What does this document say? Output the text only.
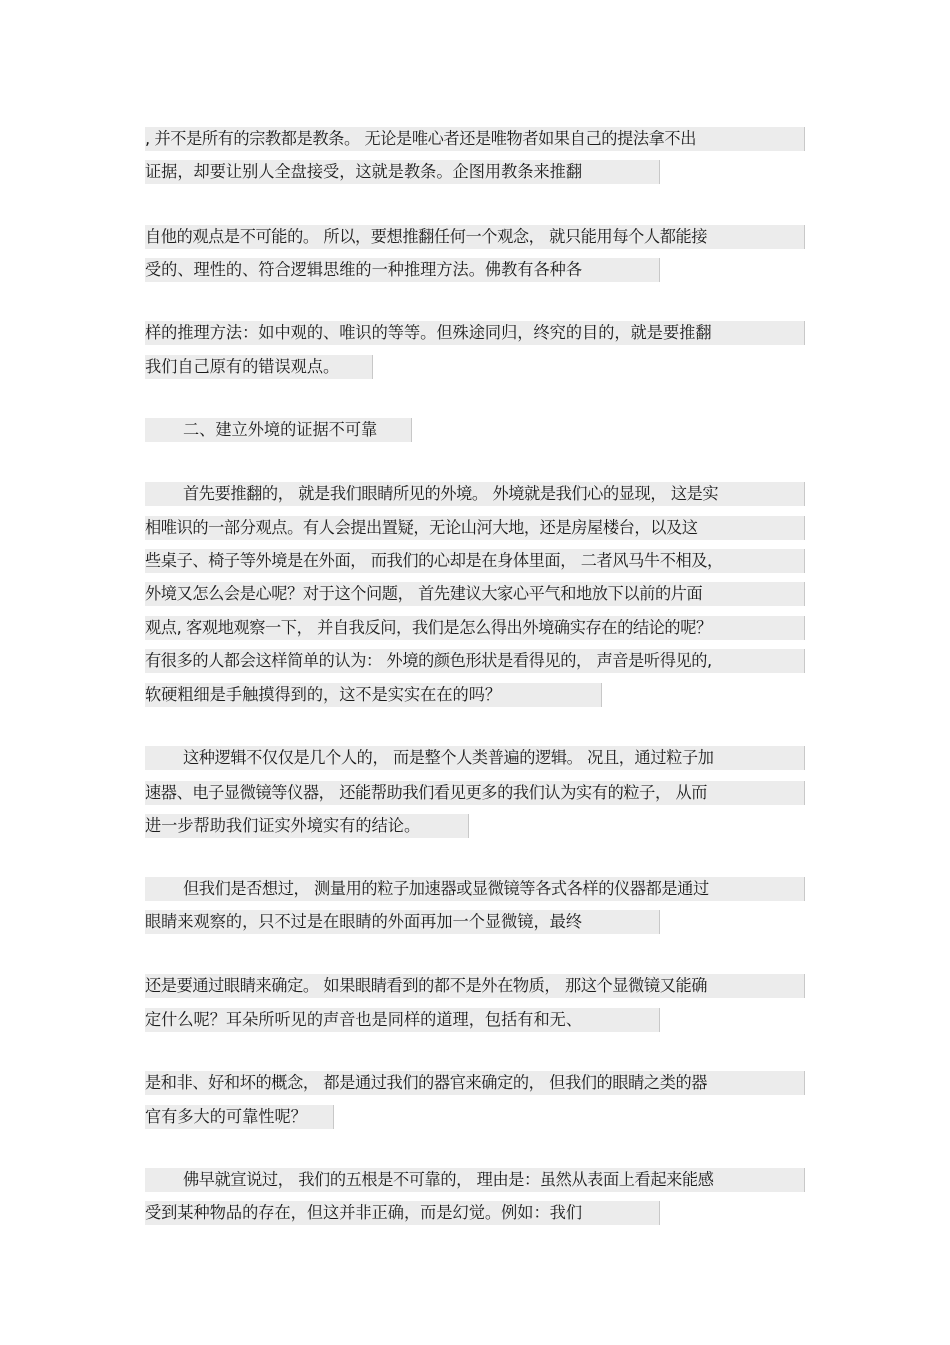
, 并不是所有的宗教都是教条。 无论是唯心者还是唯物者如果自己的提法拿不出
证据，却要让别人全盘接受，这就是教条。企图用教条来推翻
自他的观点是不可能的。 所以，要想推翻任何一个观念， 就只能用每个人都能接
受的、理性的、符合逻辑思维的一种推理方法。佛教有各种各
样的推理方法：如中观的、唯识的等等。但殊途同归，终究的目的，就是要推翻
我们自己原有的错误观点。
二、建立外境的证据不可靠
首先要推翻的， 就是我们眼睛所见的外境。 外境就是我们心的显现， 这是实
相唯识的一部分观点。有人会提出置疑，无论山河大地，还是房屋楼台，以及这
些桌子、椅子等外境是在外面， 而我们的心却是在身体里面， 二者风马牛不相及，
外境又怎么会是心呢？对于这个问题， 首先建议大家心平气和地放下以前的片面
观点, 客观地观察一下， 并自我反问，我们是怎么得出外境确实存在的结论的呢？
有很多的人都会这样简单的认为： 外境的颜色形状是看得见的， 声音是听得见的,
软硬粗细是手触摸得到的，这不是实实在在的吗？
这种逻辑不仅仅是几个人的， 而是整个人类普遍的逻辑。 况且，通过粒子加
速器、电子显微镜等仪器， 还能帮助我们看见更多的我们认为实有的粒子， 从而
进一步帮助我们证实外境实有的结论。
但我们是否想过， 测量用的粒子加速器或显微镜等各式各样的仪器都是通过
眼睛来观察的，只不过是在眼睛的外面再加一个显微镜，最终
还是要通过眼睛来确定。 如果眼睛看到的都不是外在物质， 那这个显微镜又能确
定什么呢？耳朵所听见的声音也是同样的道理，包括有和无、
是和非、好和坏的概念， 都是通过我们的器官来确定的， 但我们的眼睛之类的器
官有多大的可靠性呢？
佛早就宣说过， 我们的五根是不可靠的， 理由是：虽然从表面上看起来能感
受到某种物品的存在，但这并非正确，而是幻觉。例如：我们
